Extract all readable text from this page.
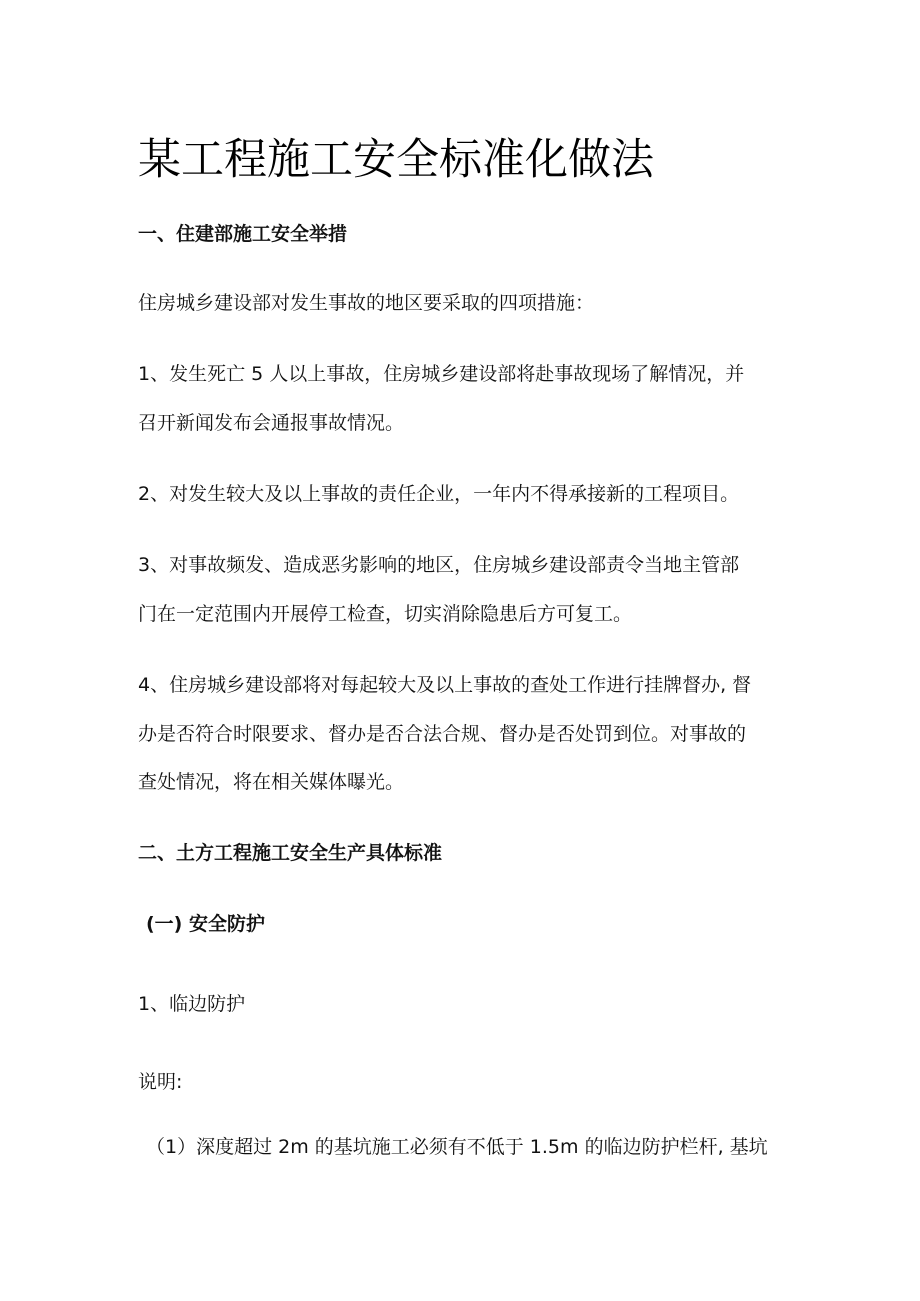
某工程施工安全标准化做法

一、住建部施工安全举措

住房城乡建设部对发生事故的地区要采取的四项措施：

1、发生死亡 5 人以上事故，住房城乡建设部将赴事故现场了解情况，并

召开新闻发布会通报事故情况。

2、对发生较大及以上事故的责任企业，一年内不得承接新的工程项目。

3、对事故频发、造成恶劣影响的地区，住房城乡建设部责令当地主管部

门在一定范围内开展停工检查，切实消除隐患后方可复工。

4、住房城乡建设部将对每起较大及以上事故的查处工作进行挂牌督办, 督

办是否符合时限要求、督办是否合法合规、督办是否处罚到位。对事故的

查处情况，将在相关媒体曝光。

二、土方工程施工安全生产具体标准

(一) 安全防护

1、临边防护

说明:

（1）深度超过 2m 的基坑施工必须有不低于 1.5m 的临边防护栏杆, 基坑
